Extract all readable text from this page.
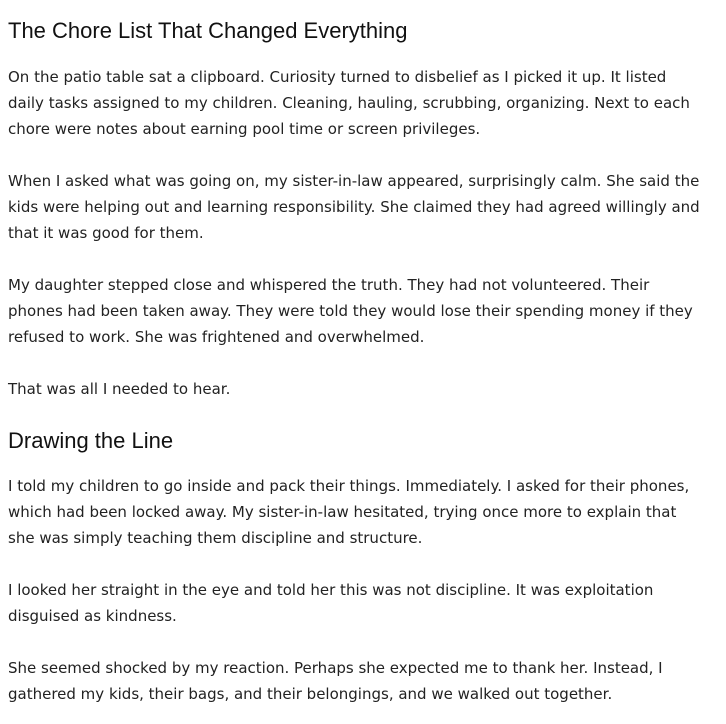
The Chore List That Changed Everything

On the patio table sat a clipboard. Curiosity turned to disbelief as I picked it up. It listed daily tasks assigned to my children. Cleaning, hauling, scrubbing, organizing. Next to each chore were notes about earning pool time or screen privileges.

When I asked what was going on, my sister-in-law appeared, surprisingly calm. She said the kids were helping out and learning responsibility. She claimed they had agreed willingly and that it was good for them.

My daughter stepped close and whispered the truth. They had not volunteered. Their phones had been taken away. They were told they would lose their spending money if they refused to work. She was frightened and overwhelmed.

That was all I needed to hear.

Drawing the Line

I told my children to go inside and pack their things. Immediately. I asked for their phones, which had been locked away. My sister-in-law hesitated, trying once more to explain that she was simply teaching them discipline and structure.

I looked her straight in the eye and told her this was not discipline. It was exploitation disguised as kindness.

She seemed shocked by my reaction. Perhaps she expected me to thank her. Instead, I gathered my kids, their bags, and their belongings, and we walked out together.
